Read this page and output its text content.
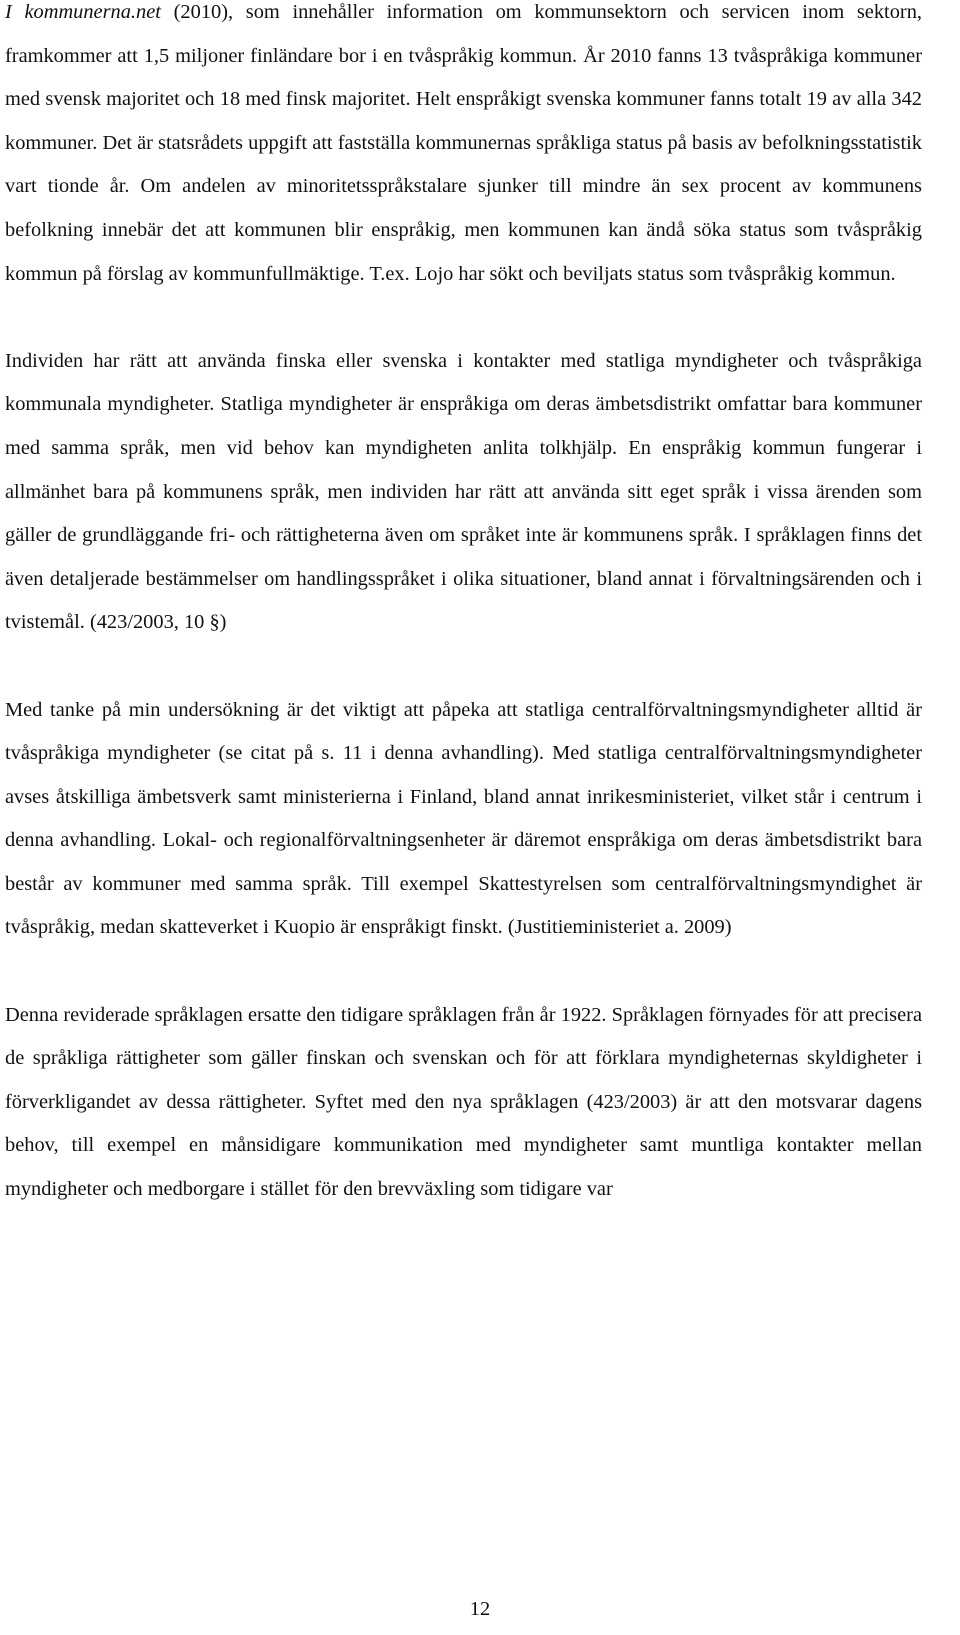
I kommunerna.net (2010), som innehåller information om kommunsektorn och servicen inom sektorn, framkommer att 1,5 miljoner finländare bor i en tvåspråkig kommun. År 2010 fanns 13 tvåspråkiga kommuner med svensk majoritet och 18 med finsk majoritet. Helt enspråkigt svenska kommuner fanns totalt 19 av alla 342 kommuner. Det är statsrådets uppgift att fastställa kommunernas språkliga status på basis av befolkningsstatistik vart tionde år. Om andelen av minoritetsspråkstalare sjunker till mindre än sex procent av kommunens befolkning innebär det att kommunen blir enspråkig, men kommunen kan ändå söka status som tvåspråkig kommun på förslag av kommunfullmäktige. T.ex. Lojo har sökt och beviljats status som tvåspråkig kommun.

Individen har rätt att använda finska eller svenska i kontakter med statliga myndigheter och tvåspråkiga kommunala myndigheter. Statliga myndigheter är enspråkiga om deras ämbetsdistrikt omfattar bara kommuner med samma språk, men vid behov kan myndigheten anlita tolkhjälp. En enspråkig kommun fungerar i allmänhet bara på kommunens språk, men individen har rätt att använda sitt eget språk i vissa ärenden som gäller de grundläggande fri- och rättigheterna även om språket inte är kommunens språk. I språklagen finns det även detaljerade bestämmelser om handlingsspråket i olika situationer, bland annat i förvaltningsärenden och i tvistemål. (423/2003, 10 §)

Med tanke på min undersökning är det viktigt att påpeka att statliga centralförvaltningsmyndigheter alltid är tvåspråkiga myndigheter (se citat på s. 11 i denna avhandling). Med statliga centralförvaltningsmyndigheter avses åtskilliga ämbetsverk samt ministerierna i Finland, bland annat inrikesministeriet, vilket står i centrum i denna avhandling. Lokal- och regionalförvaltningsenheter är däremot enspråkiga om deras ämbetsdistrikt bara består av kommuner med samma språk. Till exempel Skattestyrelsen som centralförvaltningsmyndighet är tvåspråkig, medan skatteverket i Kuopio är enspråkigt finskt. (Justitieministeriet a. 2009)

Denna reviderade språklagen ersatte den tidigare språklagen från år 1922. Språklagen förnyades för att precisera de språkliga rättigheter som gäller finskan och svenskan och för att förklara myndigheternas skyldigheter i förverkligandet av dessa rättigheter. Syftet med den nya språklagen (423/2003) är att den motsvarar dagens behov, till exempel en månsidigare kommunikation med myndigheter samt muntliga kontakter mellan myndigheter och medborgare i stället för den brevväxling som tidigare var

12
